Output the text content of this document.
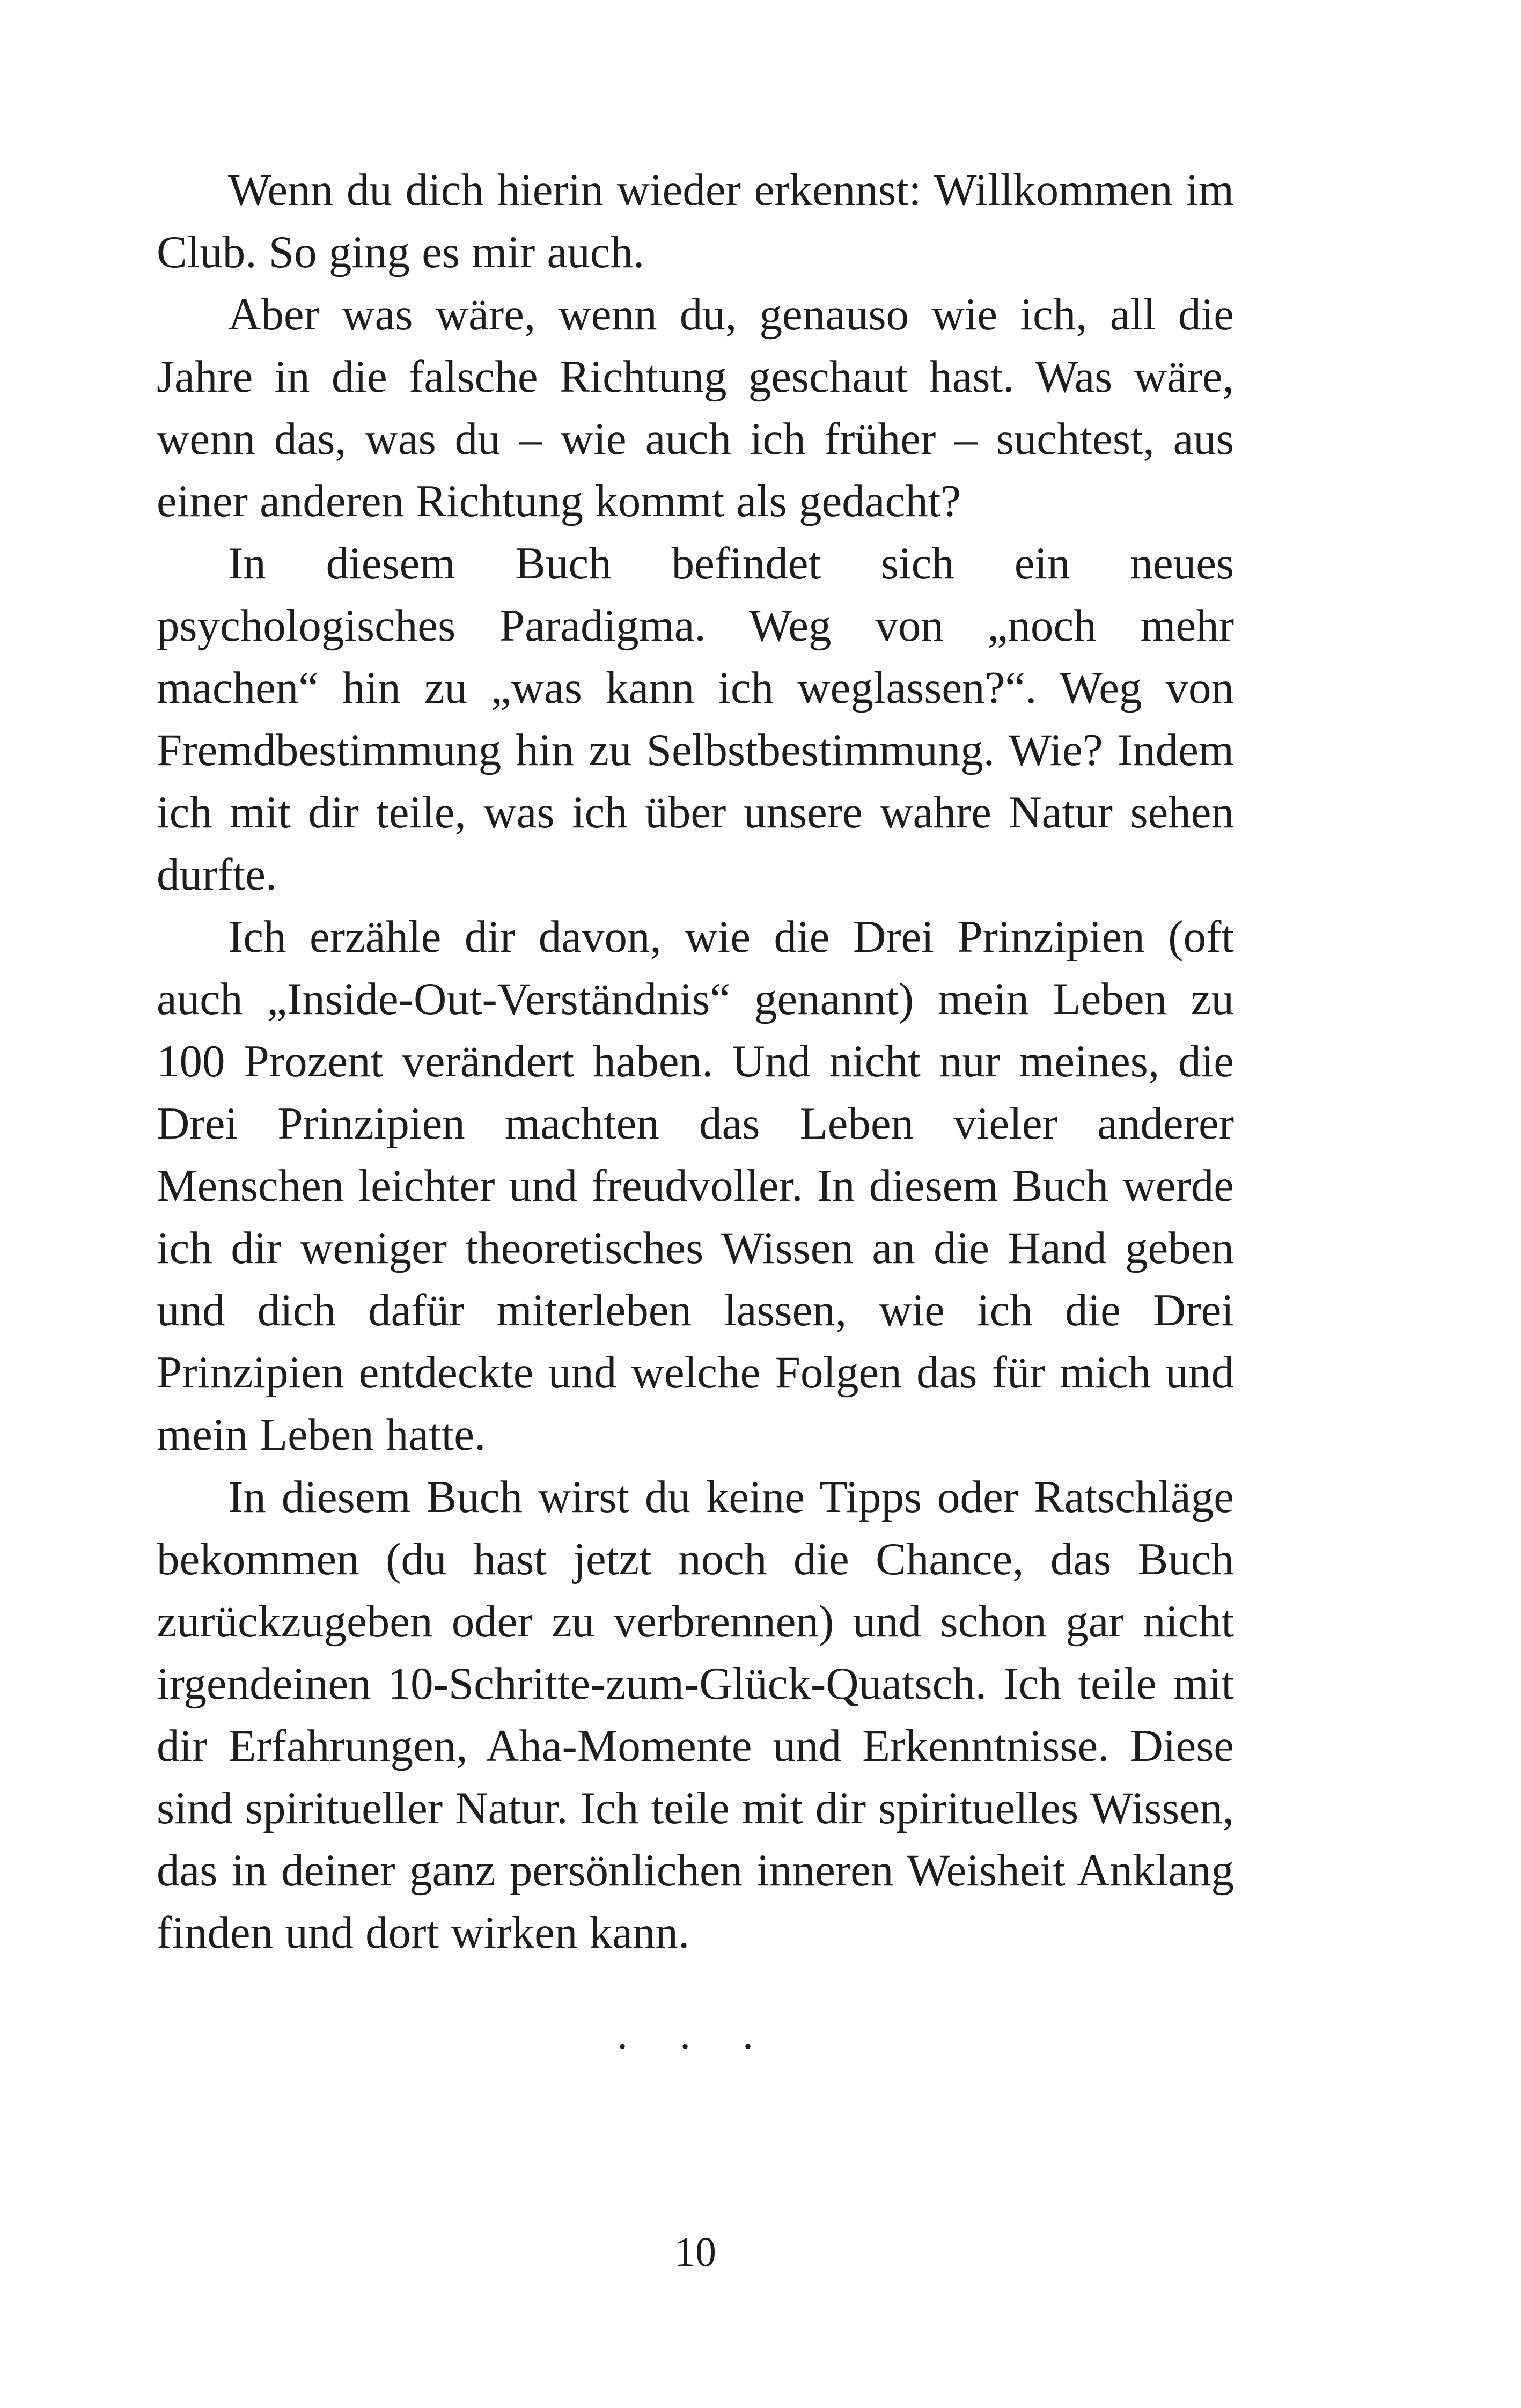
Wenn du dich hierin wieder erkennst: Willkommen im Club. So ging es mir auch.

Aber was wäre, wenn du, genauso wie ich, all die Jahre in die falsche Richtung geschaut hast. Was wäre, wenn das, was du – wie auch ich früher – suchtest, aus einer anderen Richtung kommt als gedacht?

In diesem Buch befindet sich ein neues psychologisches Paradigma. Weg von „noch mehr machen“ hin zu „was kann ich weglassen?“. Weg von Fremdbestimmung hin zu Selbstbestimmung. Wie? Indem ich mit dir teile, was ich über unsere wahre Natur sehen durfte.

Ich erzähle dir davon, wie die Drei Prinzipien (oft auch „Inside-Out-Verständnis“ genannt) mein Leben zu 100 Prozent verändert haben. Und nicht nur meines, die Drei Prinzipien machten das Leben vieler anderer Menschen leichter und freudvoller. In diesem Buch werde ich dir weniger theoretisches Wissen an die Hand geben und dich dafür miterleben lassen, wie ich die Drei Prinzipien entdeckte und welche Folgen das für mich und mein Leben hatte.

In diesem Buch wirst du keine Tipps oder Ratschläge bekommen (du hast jetzt noch die Chance, das Buch zurückzugeben oder zu verbrennen) und schon gar nicht irgendeinen 10-Schritte-zum-Glück-Quatsch. Ich teile mit dir Erfahrungen, Aha-Momente und Erkenntnisse. Diese sind spiritueller Natur. Ich teile mit dir spirituelles Wissen, das in deiner ganz persönlichen inneren Weisheit Anklang finden und dort wirken kann.

. . .
10
